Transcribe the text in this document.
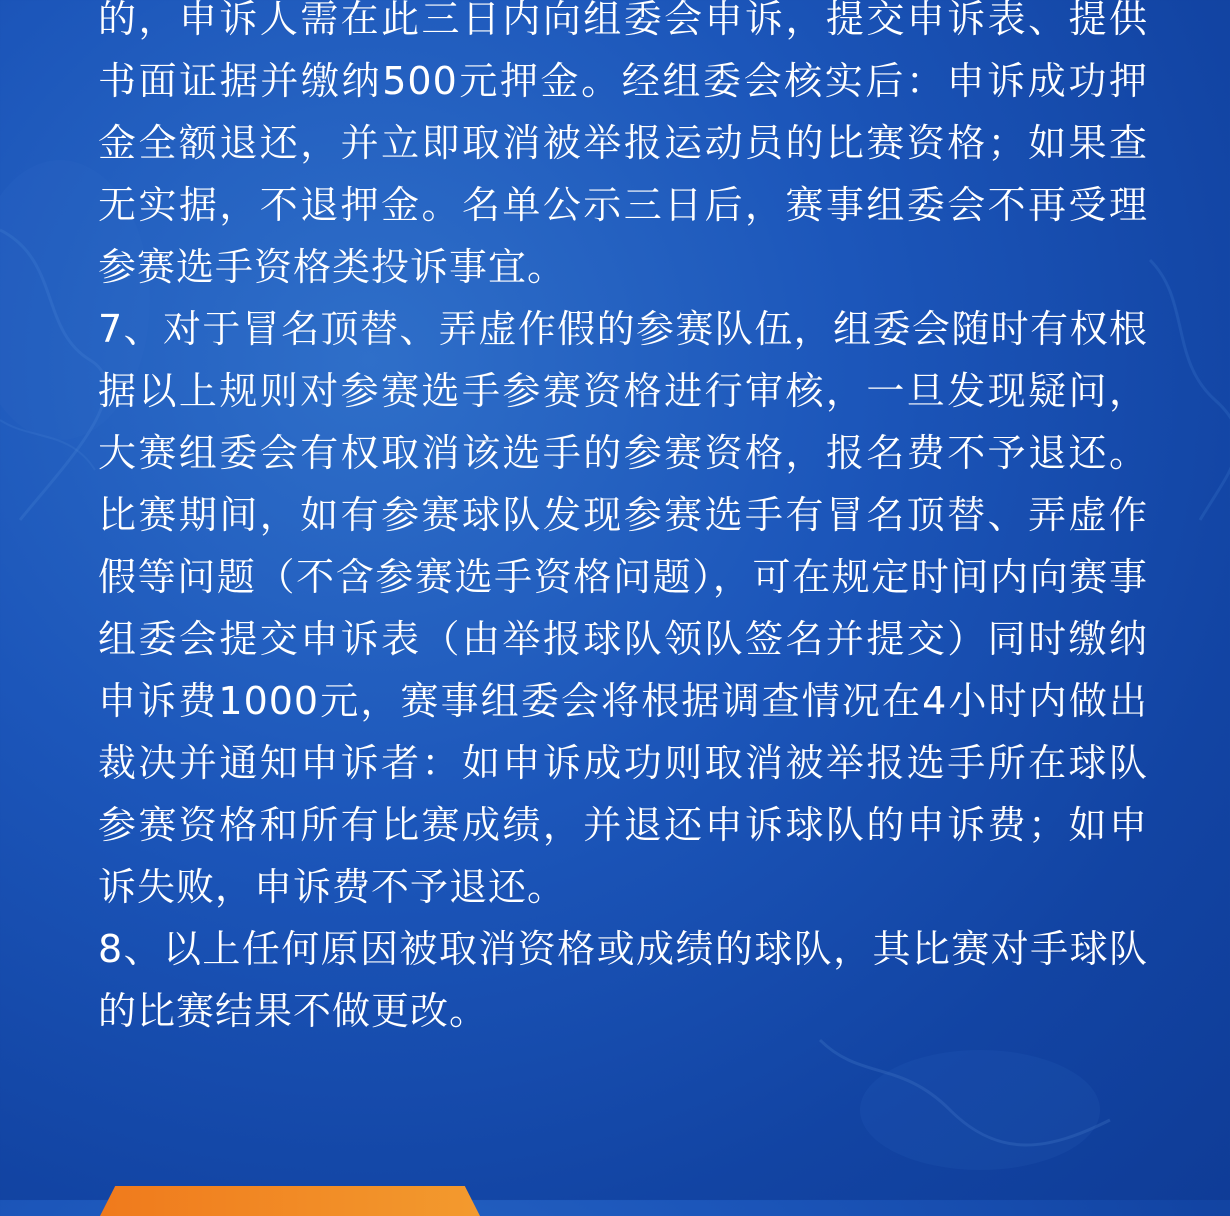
的，申诉人需在此三日内向组委会申诉，提交申诉表、提供书面证据并缴纳500元押金。经组委会核实后：申诉成功押金全额退还，并立即取消被举报运动员的比赛资格；如果查无实据，不退押金。名单公示三日后，赛事组委会不再受理参赛选手资格类投诉事宜。

7、对于冒名顶替、弄虚作假的参赛队伍，组委会随时有权根据以上规则对参赛选手参赛资格进行审核，一旦发现疑问，大赛组委会有权取消该选手的参赛资格，报名费不予退还。比赛期间，如有参赛球队发现参赛选手有冒名顶替、弄虚作假等问题（不含参赛选手资格问题），可在规定时间内向赛事组委会提交申诉表（由举报球队领队签名并提交）同时缴纳申诉费1000元，赛事组委会将根据调查情况在4小时内做出裁决并通知申诉者：如申诉成功则取消被举报选手所在球队参赛资格和所有比赛成绩，并退还申诉球队的申诉费；如申诉失败，申诉费不予退还。

8、以上任何原因被取消资格或成绩的球队，其比赛对手球队的比赛结果不做更改。
